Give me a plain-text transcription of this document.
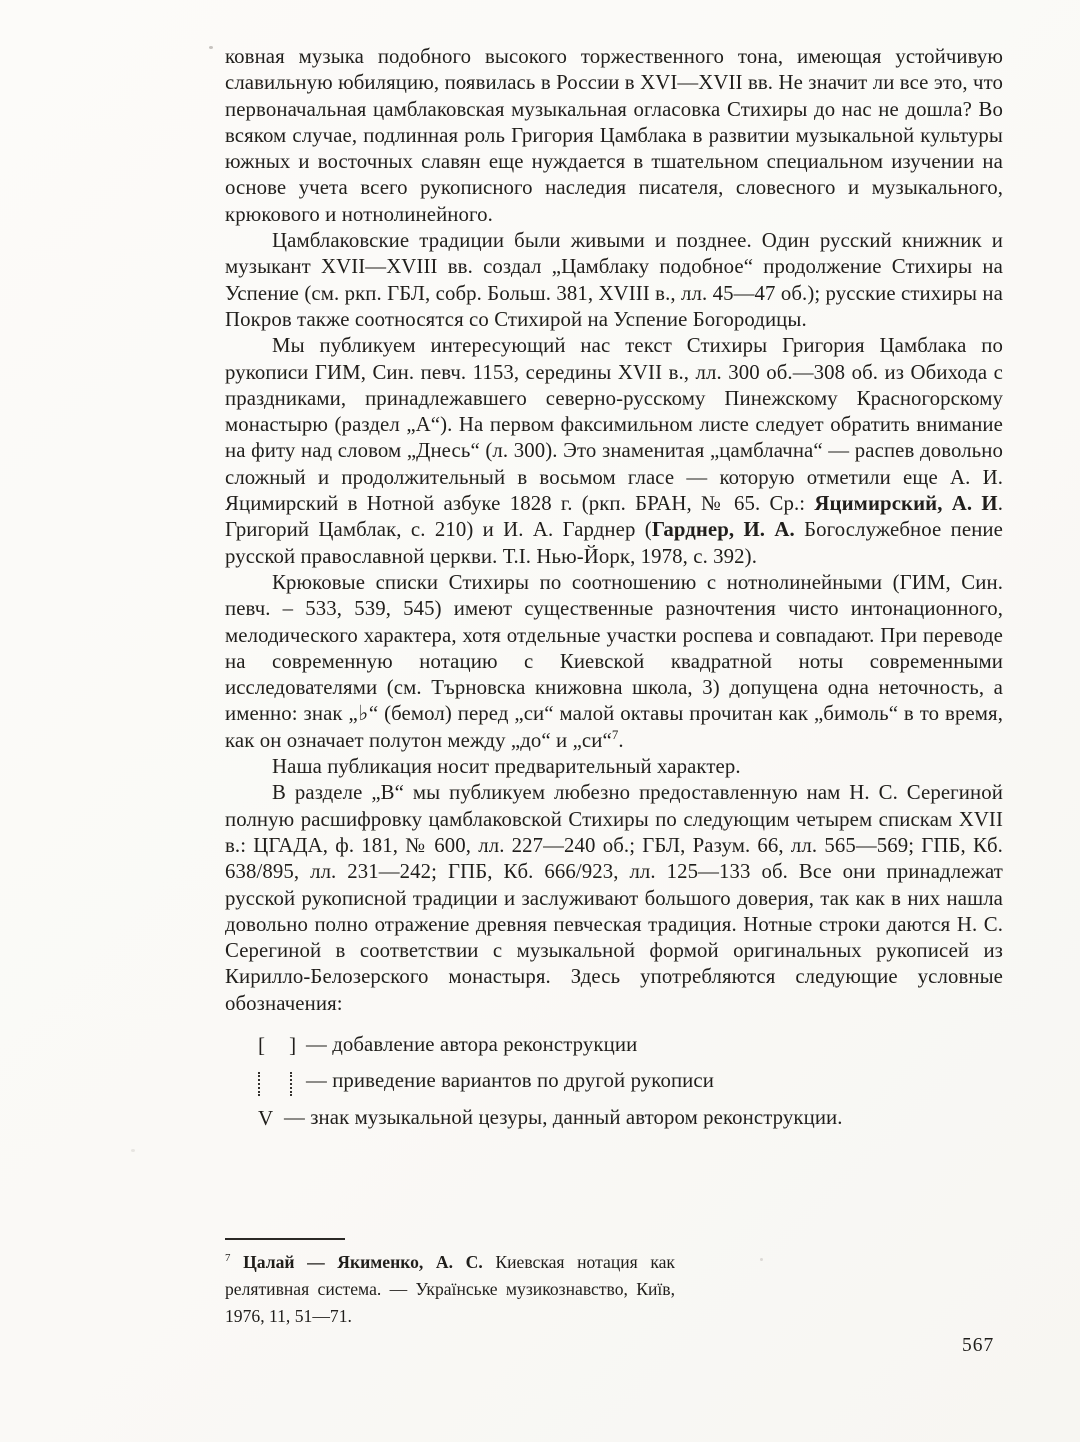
ковная музыка подобного высокого торжественного тона, имеющая устойчивую славильную юбиляцию, появилась в России в XVI—XVII вв. Не значит ли все это, что первоначальная цамблаковская музыкальная огласовка Стихиры до нас не дошла? Во всяком случае, подлинная роль Григория Цамблака в развитии музыкальной культуры южных и восточных славян еще нуждается в тшательном специальном изучении на основе учета всего рукописного наследия писателя, словесного и музыкального, крюкового и нотнолинейного.

Цамблаковские традиции были живыми и позднее. Один русский книжник и музыкант XVII—XVIII вв. создал „Цамблаку подобное“ продолжение Стихиры на Успение (см. ркп. ГБЛ, собр. Больш. 381, XVIII в., лл. 45—47 об.); русские стихиры на Покров также соотносятся со Стихирой на Успение Богородицы.

Мы публикуем интересующий нас текст Стихиры Григория Цамблака по рукописи ГИМ, Син. певч. 1153, середины XVII в., лл. 300 об.—308 об. из Обихода с праздниками, принадлежавшего северно-русскому Пинежскому Красногорскому монастырю (раздел „А“). На первом факсимильном листе следует обратить внимание на фиту над словом „Днесь“ (л. 300). Это знаменитая „цамблачна“ — распев довольно сложный и продолжительный в восьмом гласе — которую отметили еще А. И. Яцимирский в Нотной азбуке 1828 г. (ркп. БРАН, № 65. Ср.: Яцимирский, А. И. Григорий Цамблак, с. 210) и И. А. Гарднер (Гарднер, И. А. Богослужебное пение русской православной церкви. Т.I. Нью-Йорк, 1978, с. 392).

Крюковые списки Стихиры по соотношению с нотнолинейными (ГИМ, Син. певч. – 533, 539, 545) имеют существенные разночтения чисто интонационного, мелодического характера, хотя отдельные участки роспева и совпадают. При переводе на современную нотацию с Киевской квадратной ноты современными исследователями (см. Търновска книжовна школа, 3) допущена одна неточность, а именно: знак „♭“ (бемол) перед „си“ малой октавы прочитан как „бимоль“ в то время, как он означает полутон между „до“ и „си“$^7$.

Наша публикация носит предварительный характер.

В разделе „В“ мы публикуем любезно предоставленную нам Н. С. Серегиной полную расшифровку цамблаковской Стихиры по следующим четырем спискам XVII в.: ЦГАДА, ф. 181, № 600, лл. 227—240 об.; ГБЛ, Разум. 66, лл. 565—569; ГПБ, Кб. 638/895, лл. 231—242; ГПБ, Кб. 666/923, лл. 125—133 об. Все они принадлежат русской рукописной традиции и заслуживают большого доверия, так как в них нашла довольно полно отражение древняя певческая традиция. Нотные строки даются Н. С. Серегиной в соответствии с музыкальной формой оригинальных рукописей из Кирилло-Белозерского монастыря. Здесь употребляются следующие условные обозначения:

[ ] — добавление автора реконструкции
— приведение вариантов по другой рукописи
V — знак музыкальной цезуры, данный автором реконструкции.

$^7$ Цалай — Якименко, А. С. Киевская нотация как релятивная система. — Українське музикознавство, Київ, 1976, 11, 51—71.

567
